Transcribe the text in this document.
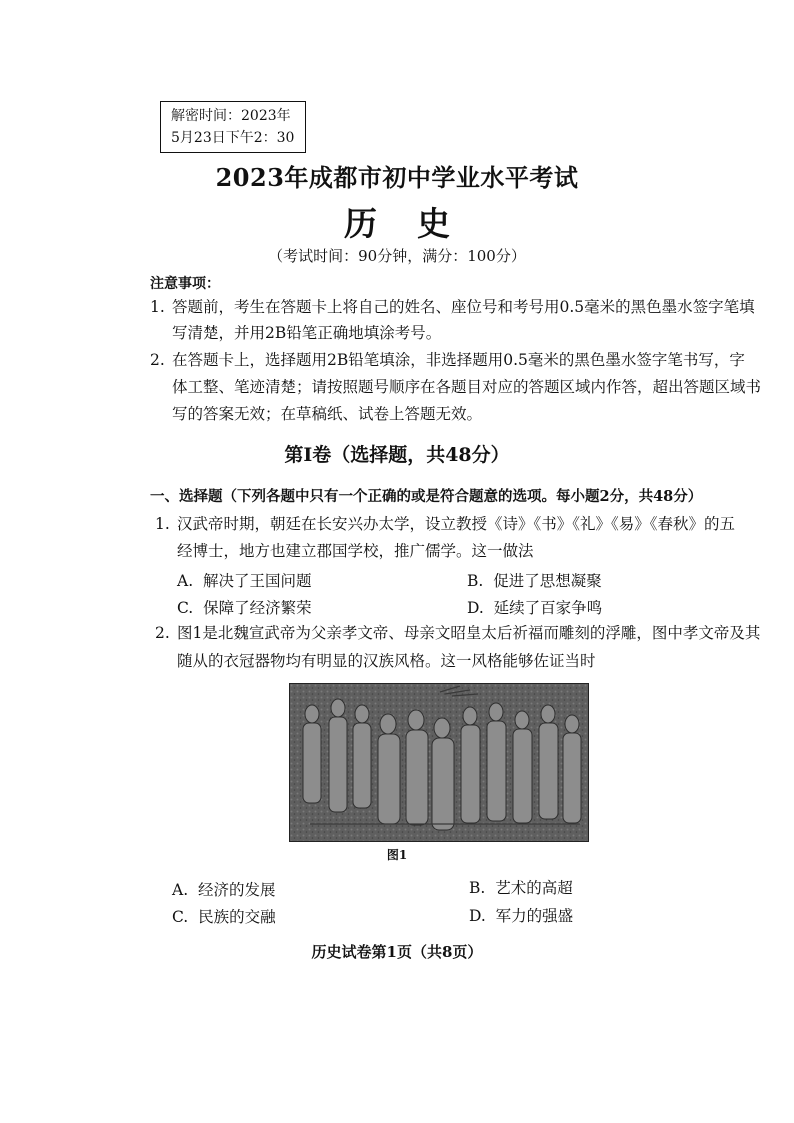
解密时间：2023年
5月23日下午2：30
2023年成都市初中学业水平考试
历史
（考试时间：90分钟，满分：100分）
注意事项：
1. 答题前，考生在答题卡上将自己的姓名、座位号和考号用0.5毫米的黑色墨水签字笔填
写清楚，并用2B铅笔正确地填涂考号。
2. 在答题卡上，选择题用2B铅笔填涂，非选择题用0.5毫米的黑色墨水签字笔书写，字
体工整、笔迹清楚；请按照题号顺序在各题目对应的答题区域内作答，超出答题区域书
写的答案无效；在草稿纸、试卷上答题无效。
第Ⅰ卷（选择题，共48分）
一、选择题（下列各题中只有一个正确的或是符合题意的选项。每小题2分，共48分）
1. 汉武帝时期，朝廷在长安兴办太学，设立教授《诗》《书》《礼》《易》《春秋》的五
经博士，地方也建立郡国学校，推广儒学。这一做法
A. 解决了王国问题	B. 促进了思想凝聚
C. 保障了经济繁荣	D. 延续了百家争鸣
2. 图1是北魏宣武帝为父亲孝文帝、母亲文昭皇太后祈福而雕刻的浮雕，图中孝文帝及其
随从的衣冠器物均有明显的汉族风格。这一风格能够佐证当时
图1
A. 经济的发展	B. 艺术的高超
C. 民族的交融	D. 军力的强盛
历史试卷第1页（共8页）
